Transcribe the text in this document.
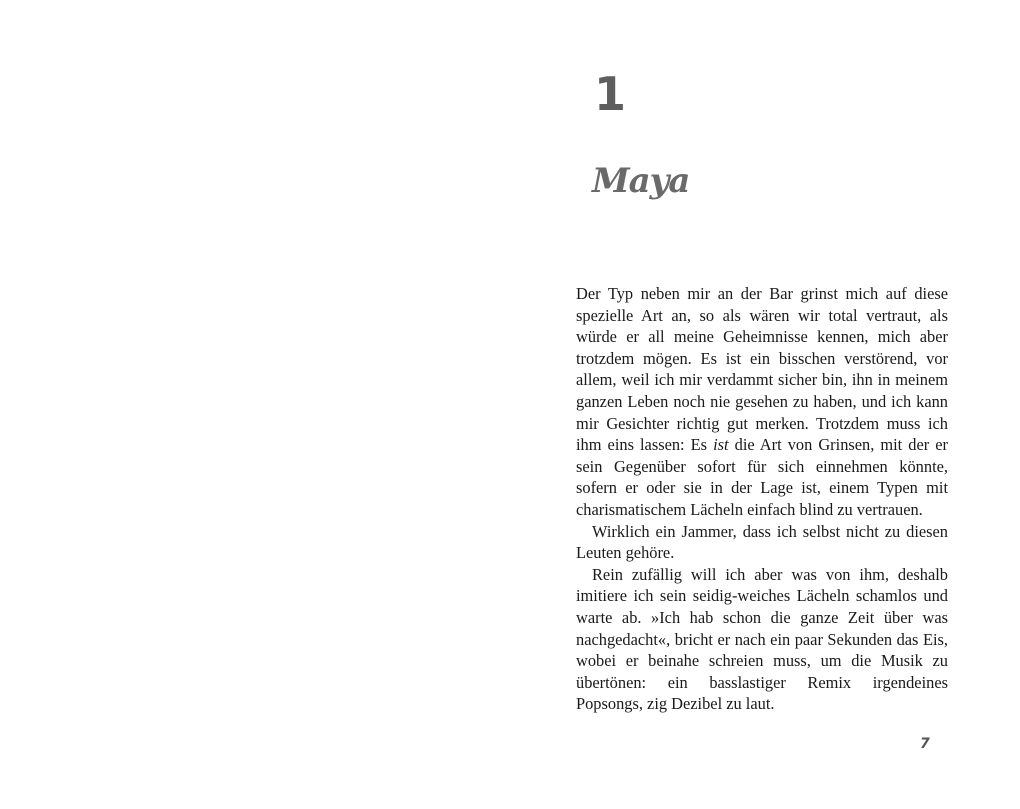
1
Maya

Der Typ neben mir an der Bar grinst mich auf diese spezielle Art an, so als wären wir total vertraut, als würde er all meine Geheimnisse kennen, mich aber trotzdem mögen. Es ist ein bisschen verstörend, vor allem, weil ich mir verdammt sicher bin, ihn in meinem ganzen Leben noch nie gesehen zu haben, und ich kann mir Gesichter richtig gut merken. Trotzdem muss ich ihm eins lassen: Es ist die Art von Grinsen, mit der er sein Gegenüber sofort für sich einnehmen könnte, sofern er oder sie in der Lage ist, einem Typen mit charismatischem Lächeln einfach blind zu vertrauen.

Wirklich ein Jammer, dass ich selbst nicht zu diesen Leuten gehöre.

Rein zufällig will ich aber was von ihm, deshalb imitiere ich sein seidig-weiches Lächeln schamlos und warte ab. »Ich hab schon die ganze Zeit über was nachgedacht«, bricht er nach ein paar Sekunden das Eis, wobei er beinahe schreien muss, um die Musik zu übertönen: ein basslastiger Remix irgendeines Popsongs, zig Dezibel zu laut.

7
